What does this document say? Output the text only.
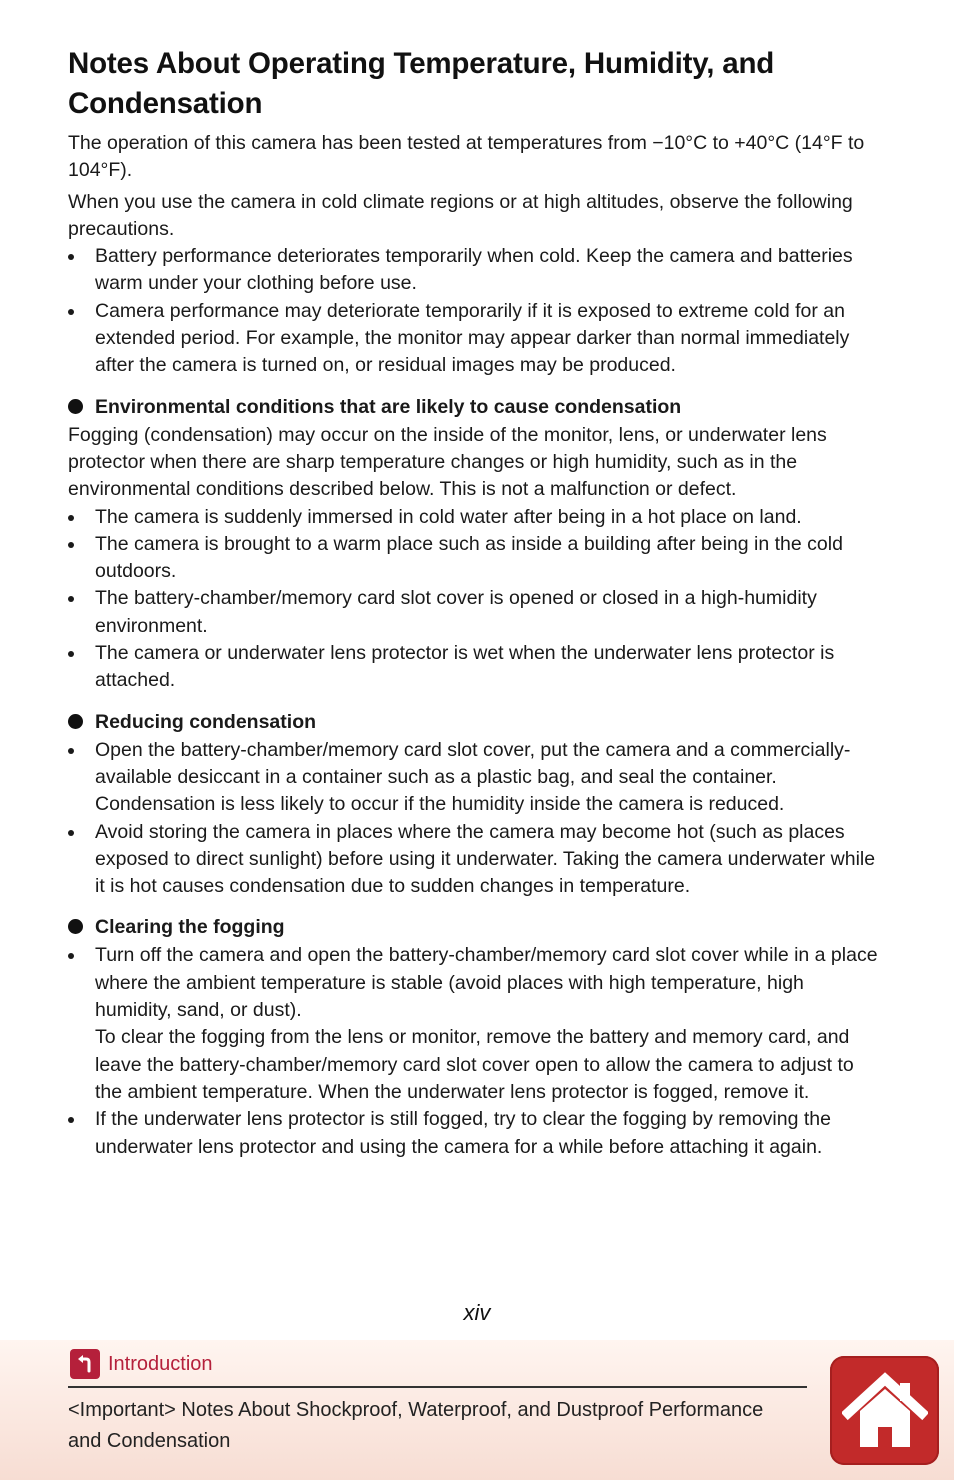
Notes About Operating Temperature, Humidity, and Condensation

The operation of this camera has been tested at temperatures from −10°C to +40°C (14°F to 104°F).

When you use the camera in cold climate regions or at high altitudes, observe the following precautions.

Battery performance deteriorates temporarily when cold. Keep the camera and batteries warm under your clothing before use.
Camera performance may deteriorate temporarily if it is exposed to extreme cold for an extended period. For example, the monitor may appear darker than normal immediately after the camera is turned on, or residual images may be produced.
Environmental conditions that are likely to cause condensation

Fogging (condensation) may occur on the inside of the monitor, lens, or underwater lens protector when there are sharp temperature changes or high humidity, such as in the environmental conditions described below. This is not a malfunction or defect.

The camera is suddenly immersed in cold water after being in a hot place on land.
The camera is brought to a warm place such as inside a building after being in the cold outdoors.
The battery-chamber/memory card slot cover is opened or closed in a high-humidity environment.
The camera or underwater lens protector is wet when the underwater lens protector is attached.
Reducing condensation
Open the battery-chamber/memory card slot cover, put the camera and a commercially-available desiccant in a container such as a plastic bag, and seal the container. Condensation is less likely to occur if the humidity inside the camera is reduced.
Avoid storing the camera in places where the camera may become hot (such as places exposed to direct sunlight) before using it underwater. Taking the camera underwater while it is hot causes condensation due to sudden changes in temperature.
Clearing the fogging
Turn off the camera and open the battery-chamber/memory card slot cover while in a place where the ambient temperature is stable (avoid places with high temperature, high humidity, sand, or dust).
To clear the fogging from the lens or monitor, remove the battery and memory card, and leave the battery-chamber/memory card slot cover open to allow the camera to adjust to the ambient temperature. When the underwater lens protector is fogged, remove it.
If the underwater lens protector is still fogged, try to clear the fogging by removing the underwater lens protector and using the camera for a while before attaching it again.
xiv
Introduction
<Important> Notes About Shockproof, Waterproof, and Dustproof Performance and Condensation
